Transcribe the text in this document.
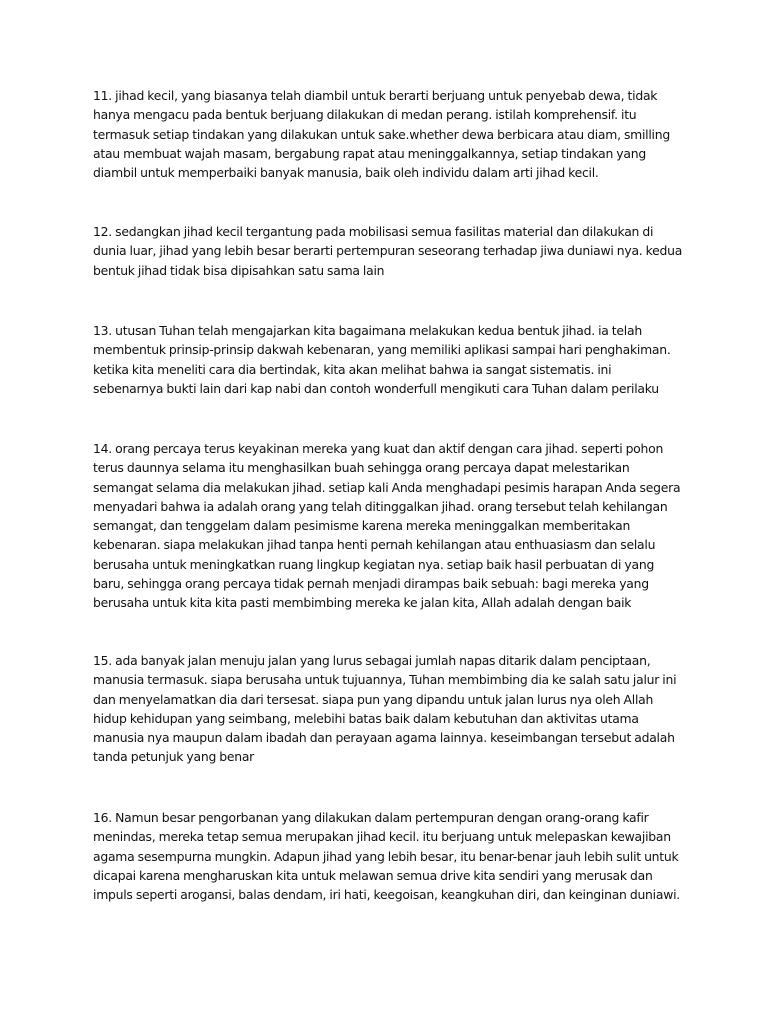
11. jihad kecil, yang biasanya telah diambil untuk berarti berjuang untuk penyebab dewa, tidak hanya mengacu pada bentuk berjuang dilakukan di medan perang. istilah komprehensif. itu termasuk setiap tindakan yang dilakukan untuk sake.whether dewa berbicara atau diam, smilling atau membuat wajah masam, bergabung rapat atau meninggalkannya, setiap tindakan yang diambil untuk memperbaiki banyak manusia, baik oleh individu dalam arti jihad kecil.

12. sedangkan jihad kecil tergantung pada mobilisasi semua fasilitas material dan dilakukan di dunia luar, jihad yang lebih besar berarti pertempuran seseorang terhadap jiwa duniawi nya. kedua bentuk jihad tidak bisa dipisahkan satu sama lain

13. utusan Tuhan telah mengajarkan kita bagaimana melakukan kedua bentuk jihad. ia telah membentuk prinsip-prinsip dakwah kebenaran, yang memiliki aplikasi sampai hari penghakiman. ketika kita meneliti cara dia bertindak, kita akan melihat bahwa ia sangat sistematis. ini sebenarnya bukti lain dari kap nabi dan contoh wonderfull mengikuti cara Tuhan dalam perilaku

14. orang percaya terus keyakinan mereka yang kuat dan aktif dengan cara jihad. seperti pohon terus daunnya selama itu menghasilkan buah sehingga orang percaya dapat melestarikan semangat selama dia melakukan jihad. setiap kali Anda menghadapi pesimis harapan Anda segera menyadari bahwa ia adalah orang yang telah ditinggalkan jihad. orang tersebut telah kehilangan semangat, dan tenggelam dalam pesimisme karena mereka meninggalkan memberitakan kebenaran. siapa melakukan jihad tanpa henti pernah kehilangan atau enthuasiasm dan selalu berusaha untuk meningkatkan ruang lingkup kegiatan nya. setiap baik hasil perbuatan di yang baru, sehingga orang percaya tidak pernah menjadi dirampas baik sebuah: bagi mereka yang berusaha untuk kita kita pasti membimbing mereka ke jalan kita, Allah adalah dengan baik

15. ada banyak jalan menuju jalan yang lurus sebagai jumlah napas ditarik dalam penciptaan, manusia termasuk. siapa berusaha untuk tujuannya, Tuhan membimbing dia ke salah satu jalur ini dan menyelamatkan dia dari tersesat. siapa pun yang dipandu untuk jalan lurus nya oleh Allah hidup kehidupan yang seimbang, melebihi batas baik dalam kebutuhan dan aktivitas utama manusia nya maupun dalam ibadah dan perayaan agama lainnya. keseimbangan tersebut adalah tanda petunjuk yang benar

16. Namun besar pengorbanan yang dilakukan dalam pertempuran dengan orang-orang kafir menindas, mereka tetap semua merupakan jihad kecil. itu berjuang untuk melepaskan kewajiban agama sesempurna mungkin. Adapun jihad yang lebih besar, itu benar-benar jauh lebih sulit untuk dicapai karena mengharuskan kita untuk melawan semua drive kita sendiri yang merusak dan impuls seperti arogansi, balas dendam, iri hati, keegoisan, keangkuhan diri, dan keinginan duniawi.
